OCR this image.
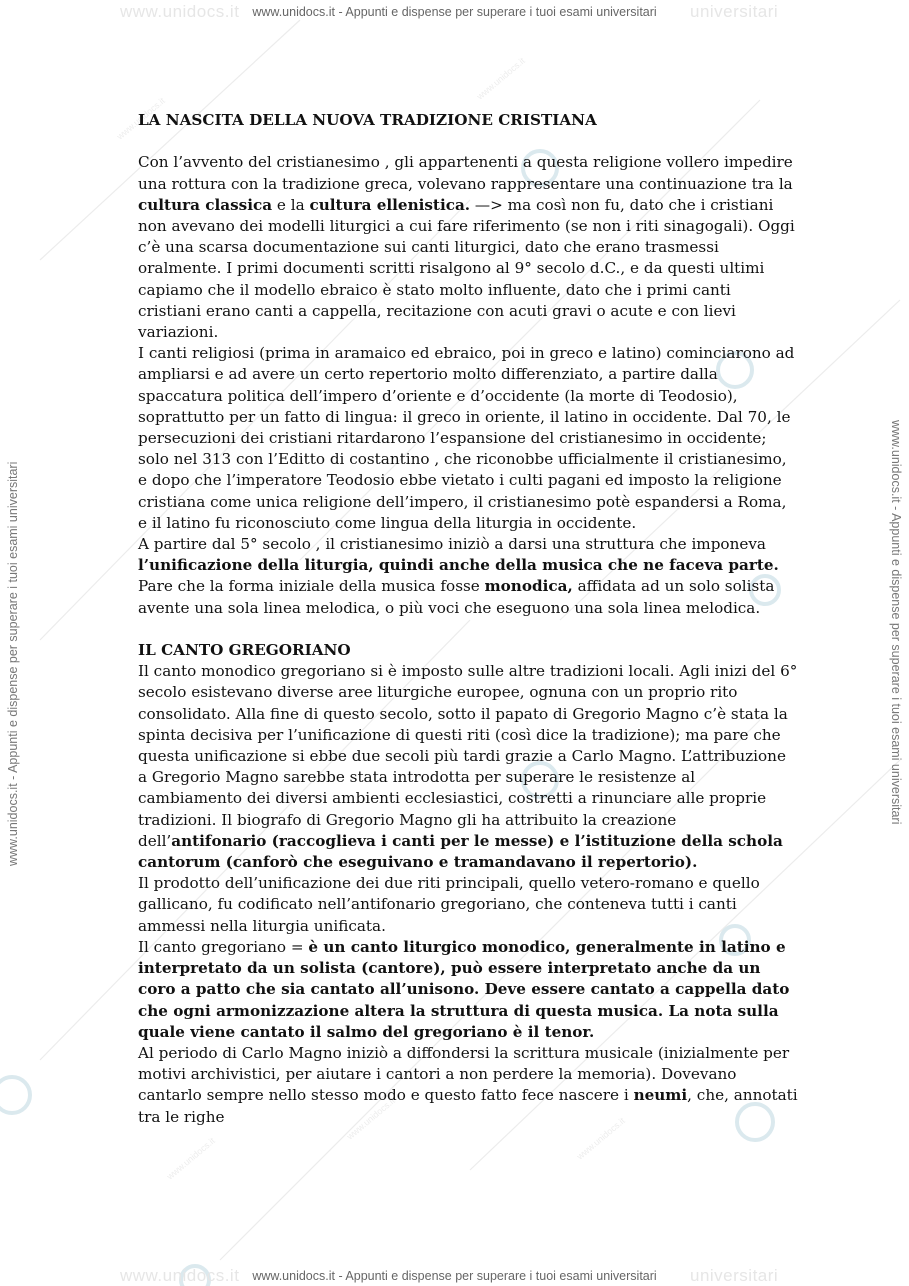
www.unidocs.it
www.unidocs.it
www.unidocs.it	www.unidocs.it
www.unidocs.it
www.unidocs.it	universitari
www.unidocs.it - Appunti e dispense per superare i tuoi esami universitari
www.unidocs.it - Appunti e dispense per superare i tuoi esami universitari	www.unidocs.it - Appunti e dispense per superare i tuoi esami universitari
LA NASCITA DELLA NUOVA TRADIZIONE CRISTIANA

Con l’avvento del cristianesimo , gli appartenenti a questa religione vollero impedire una rottura con la tradizione greca, volevano rappresentare una continuazione tra la cultura classica e la cultura ellenistica. —> ma così non fu, dato che i cristiani non avevano dei modelli liturgici a cui fare riferimento (se non i riti sinagogali). Oggi c’è una scarsa documentazione sui canti liturgici, dato che erano trasmessi oralmente. I primi documenti scritti risalgono al 9° secolo d.C., e da questi ultimi capiamo che il modello ebraico è stato molto influente, dato che i primi canti cristiani erano canti a cappella, recitazione con acuti gravi o acute e con lievi variazioni.

I canti religiosi (prima in aramaico ed ebraico, poi in greco e latino) cominciarono ad ampliarsi e ad avere un certo repertorio molto differenziato, a partire dalla spaccatura politica dell’impero d’oriente e d’occidente (la morte di Teodosio), soprattutto per un fatto di lingua: il greco in oriente, il latino in occidente. Dal 70, le persecuzioni dei cristiani ritardarono l’espansione del cristianesimo in occidente; solo nel 313 con l’Editto di costantino , che riconobbe ufficialmente il cristianesimo, e dopo che l’imperatore Teodosio ebbe vietato i culti pagani ed imposto la religione cristiana come unica religione dell’impero, il cristianesimo potè espandersi a Roma, e il latino fu riconosciuto come lingua della liturgia in occidente.

A partire dal 5° secolo , il cristianesimo iniziò a darsi una struttura che imponeva l’unificazione della liturgia, quindi anche della musica che ne faceva parte. Pare che la forma iniziale della musica fosse monodica, affidata ad un solo solista avente una sola linea melodica, o più voci che eseguono una sola linea melodica.

IL CANTO GREGORIANO

Il canto monodico gregoriano si è imposto sulle altre tradizioni locali. Agli inizi del 6° secolo esistevano diverse aree liturgiche europee, ognuna con un proprio rito consolidato. Alla fine di questo secolo, sotto il papato di Gregorio Magno c’è stata la spinta decisiva per l’unificazione di questi riti (così dice la tradizione); ma pare che questa unificazione si ebbe due secoli più tardi grazie a Carlo Magno. L’attribuzione a Gregorio Magno sarebbe stata introdotta per superare le resistenze al cambiamento dei diversi ambienti ecclesiastici, costretti a rinunciare alle proprie tradizioni. Il biografo di Gregorio Magno gli ha attribuito la creazione dell’antifonario (raccoglieva i canti per le messe) e l’istituzione della schola cantorum (canforò che eseguivano e tramandavano il repertorio).

Il prodotto dell’unificazione dei due riti principali, quello vetero-romano e quello gallicano, fu codificato nell’antifonario gregoriano, che conteneva tutti i canti ammessi nella liturgia unificata.

Il canto gregoriano = è un canto liturgico monodico, generalmente in latino e interpretato da un solista (cantore), può essere interpretato anche da un coro a patto che sia cantato all’unisono. Deve essere cantato a cappella dato che ogni armonizzazione altera la struttura di questa musica. La nota sulla quale viene cantato il salmo del gregoriano è il tenor.

Al periodo di Carlo Magno iniziò a diffondersi la scrittura musicale (inizialmente per motivi archivistici, per aiutare i cantori a non perdere la memoria). Dovevano cantarlo sempre nello stesso modo e questo fatto fece nascere i neumi, che, annotati tra le righe

www.unidocs.it	universitari
www.unidocs.it - Appunti e dispense per superare i tuoi esami universitari
